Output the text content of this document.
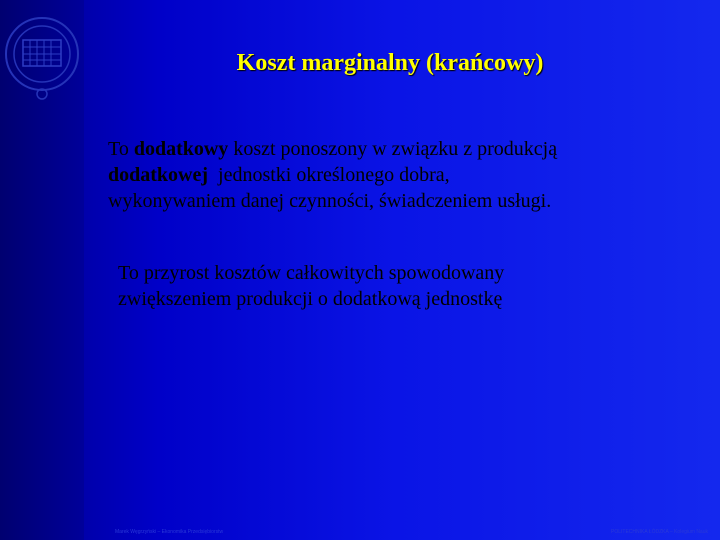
Koszt marginalny (krańcowy)
To dodatkowy koszt ponoszony w związku z produkcją
dodatkowej  jednostki określonego dobra,
wykonywaniem danej czynności, świadczeniem usługi.
To przyrost kosztów całkowitych spowodowany
zwiększeniem produkcji o dodatkową jednostkę
Marek Węgrzyński – Ekonomika Przedsiębiorstw	POLITECHNIKA ŁÓDZKA – Kolegium Nauk
